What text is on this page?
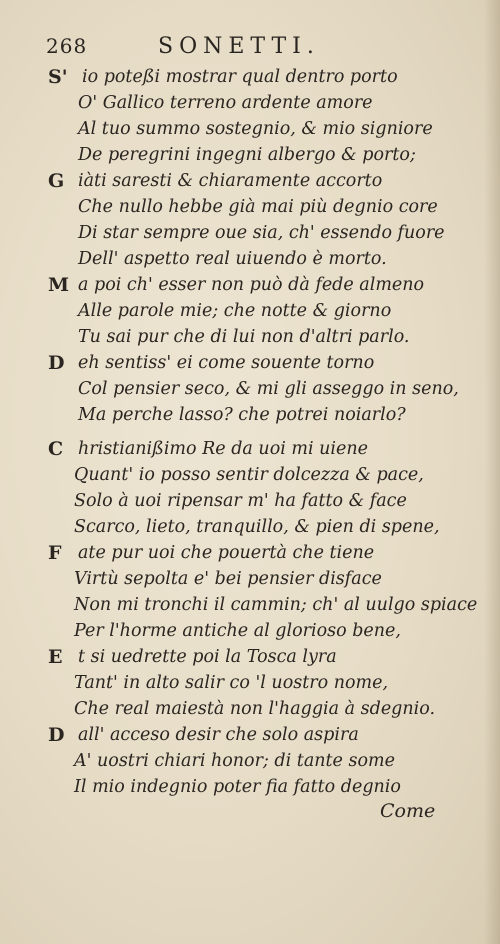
268	SONETTI.
S' io poteßi mostrar qual dentro porto
O' Gallico terreno ardente amore
Al tuo summo sostegnio, & mio signiore
De peregrini ingegni albergo & porto;
G iàti saresti & chiaramente accorto
Che nullo hebbe già mai più degnio core
Di star sempre oue sia, ch' essendo fuore
Dell' aspetto real uiuendo è morto.
M a poi ch' esser non può dà fede almeno
Alle parole mie; che notte & giorno
Tu sai pur che di lui non d'altri parlo.
D eh sentiss' ei come souente torno
Col pensier seco, & mi gli asseggo in seno,
Ma perche lasso? che potrei noiarlo?
C hristianißimo Re da uoi mi uiene
Quant' io posso sentir dolcezza & pace,
Solo à uoi ripensar m' ha fatto & face
Scarco, lieto, tranquillo, & pien di spene,
F ate pur uoi che pouertà che tiene
Virtù sepolta e' bei pensier disface
Non mi tronchi il cammin; ch' al uulgo spiace
Per l'horme antiche al glorioso bene,
E t si uedrette poi la Tosca lyra
Tant' in alto salir co 'l uostro nome,
Che real maiestà non l'haggia à sdegnio.
D all' acceso desir che solo aspira
A' uostri chiari honor; di tante some
Il mio indegnio poter fia fatto degnio
Come
